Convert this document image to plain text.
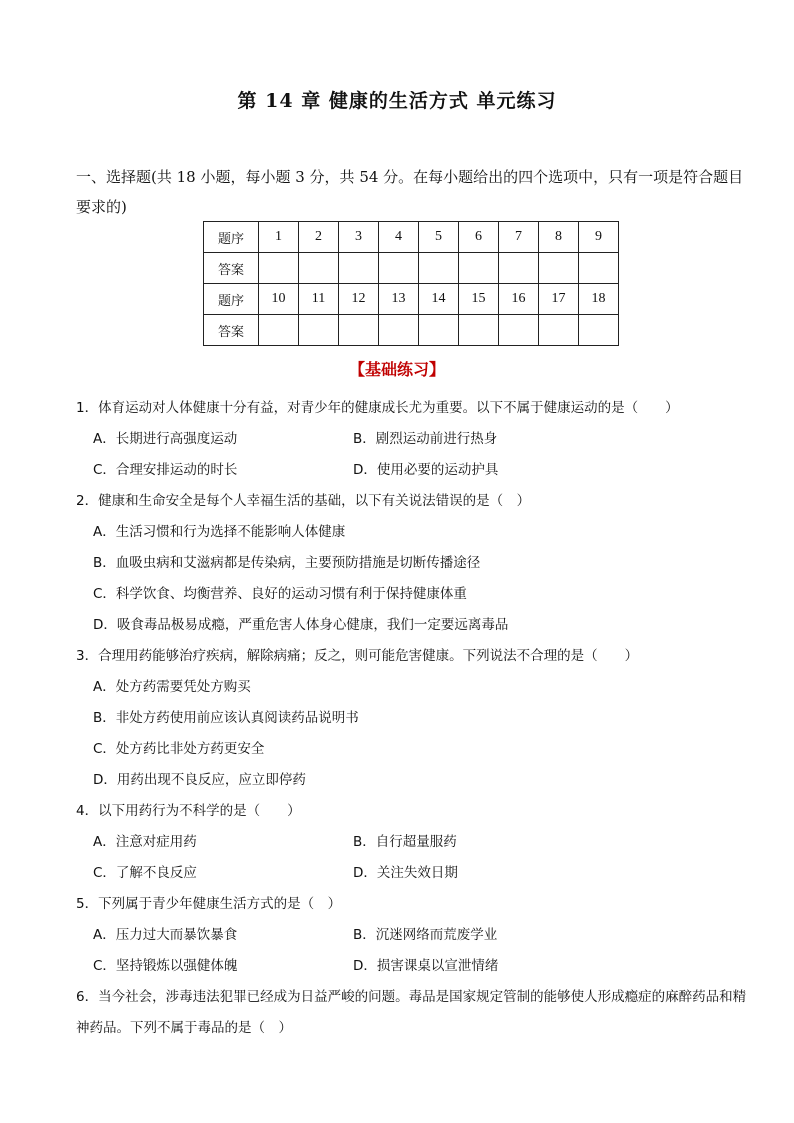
第 14 章 健康的生活方式 单元练习
一、选择题(共 18 小题，每小题 3 分，共 54 分。在每小题给出的四个选项中，只有一项是符合题目要求的)
题序	1	2	3	4	5	6	7	8	9
答案									
题序	10	11	12	13	14	15	16	17	18
答案									
【基础练习】
1．体育运动对人体健康十分有益，对青少年的健康成长尤为重要。以下不属于健康运动的是（　　）
A．长期进行高强度运动	B．剧烈运动前进行热身
C．合理安排运动的时长	D．使用必要的运动护具
2．健康和生命安全是每个人幸福生活的基础，以下有关说法错误的是（　）
A．生活习惯和行为选择不能影响人体健康
B．血吸虫病和艾滋病都是传染病，主要预防措施是切断传播途径
C．科学饮食、均衡营养、良好的运动习惯有利于保持健康体重
D．吸食毒品极易成瘾，严重危害人体身心健康，我们一定要远离毒品
3．合理用药能够治疗疾病，解除病痛；反之，则可能危害健康。下列说法不合理的是（　　）
A．处方药需要凭处方购买
B．非处方药使用前应该认真阅读药品说明书
C．处方药比非处方药更安全
D．用药出现不良反应，应立即停药
4．以下用药行为不科学的是（　　）
A．注意对症用药	B．自行超量服药
C．了解不良反应	D．关注失效日期
5．下列属于青少年健康生活方式的是（　）
A．压力过大而暴饮暴食	B．沉迷网络而荒废学业
C．坚持锻炼以强健体魄	D．损害课桌以宣泄情绪
6．当今社会，涉毒违法犯罪已经成为日益严峻的问题。毒品是国家规定管制的能够使人形成瘾症的麻醉药品和精神药品。下列不属于毒品的是（　）
